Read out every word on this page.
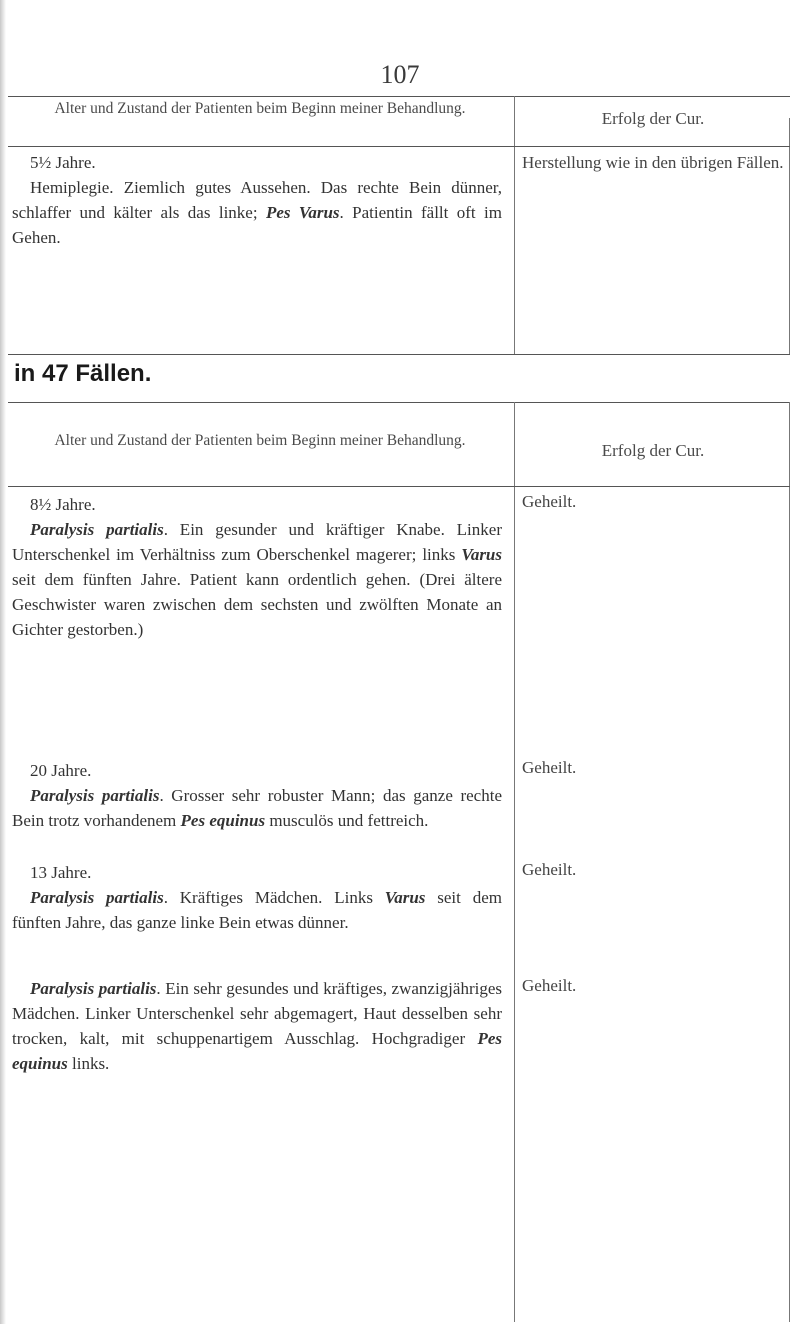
107
Alter und Zustand der Patienten beim Beginn meiner Behandlung.
Erfolg der Cur.
5½ Jahre.
Hemiplegie. Ziemlich gutes Aussehen. Das rechte Bein dünner, schlaffer und kälter als das linke; Pes Varus. Patientin fällt oft im Gehen.
Herstellung wie in den übrigen Fällen.
in 47 Fällen.
Alter und Zustand der Patienten beim Beginn meiner Behandlung.
Erfolg der Cur.
8½ Jahre.
Paralysis partialis. Ein gesunder und kräftiger Knabe. Linker Unterschenkel im Verhältniss zum Oberschenkel magerer; links Varus seit dem fünften Jahre. Patient kann ordentlich gehen. (Drei ältere Geschwister waren zwischen dem sechsten und zwölften Monate an Gichter gestorben.)
Geheilt.
20 Jahre.
Paralysis partialis. Grosser sehr robuster Mann; das ganze rechte Bein trotz vorhandenem Pes equinus musculös und fettreich.
Geheilt.
13 Jahre.
Paralysis partialis. Kräftiges Mädchen. Links Varus seit dem fünften Jahre, das ganze linke Bein etwas dünner.
Geheilt.
Paralysis partialis. Ein sehr gesundes und kräftiges, zwanzigjähriges Mädchen. Linker Unterschenkel sehr abgemagert, Haut desselben sehr trocken, kalt, mit schuppenartigem Ausschlag. Hochgradiger Pes equinus links.
Geheilt.
